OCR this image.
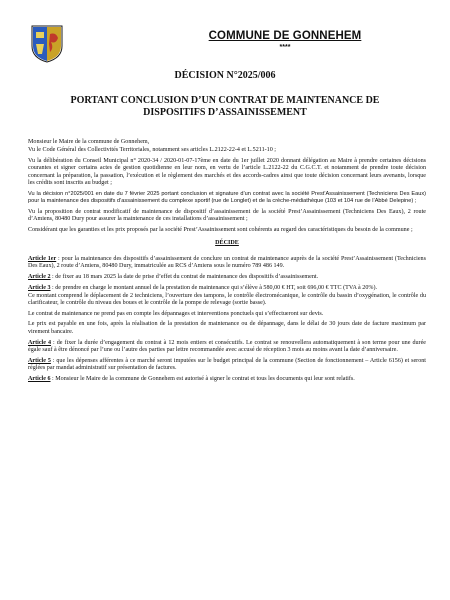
COMMUNE DE GONNEHEM
****
DÉCISION N°2025/006
PORTANT CONCLUSION D’UN CONTRAT DE MAINTENANCE DE
DISPOSITIFS D’ASSAINISSEMENT

Monsieur le Maire de la commune de Gonnehem,

Vu le Code Général des Collectivités Territoriales, notamment ses articles L.2122-22-4 et L.5211-10 ;

Vu la délibération du Conseil Municipal n° 2020-34 / 2020-01-07-17ème en date du 1er juillet 2020 donnant délégation au Maire à prendre certaines décisions courantes et signer certains actes de gestion quotidienne en leur nom, en vertu de l’article L.2122-22 du C.G.C.T. et notamment de prendre toute décision concernant la préparation, la passation, l’exécution et le règlement des marchés et des accords-cadres ainsi que toute décision concernant leurs avenants, lorsque les crédits sont inscrits au budget ;

Vu la décision n°2025/001 en date du 7 février 2025 portant conclusion et signature d’un contrat avec la société Prest’Assainissement (Techniciens Des Eaux) pour la maintenance des dispositifs d’assainissement du complexe sportif (rue de Longlet) et de la crèche-médiathèque (103 et 104 rue de l’Abbé Delepine) ;

Vu la proposition de contrat modificatif de maintenance de dispositif d’assainissement de la société Prest’Assainissement (Techniciens Des Eaux), 2 route d’Amiens, 80480 Dury pour assurer la maintenance de ces installations d’assainissement ;

Considérant que les garanties et les prix proposés par la société Prest’Assainissement sont cohérents au regard des caractéristiques du besoin de la commune ;

DÉCIDE

Article 1er : pour la maintenance des dispositifs d’assainissement de conclure un contrat de maintenance auprès de la société Prest’Assainissement (Techniciens Des Eaux), 2 route d’Amiens, 80480 Dury, immatriculée au RCS d’Amiens sous le numéro 789 486 149.

Article 2 : de fixer au 18 mars 2025 la date de prise d’effet du contrat de maintenance des dispositifs d’assainissement.

Article 3 : de prendre en charge le montant annuel de la prestation de maintenance qui s’élève à 580,00 € HT, soit 696,00 € TTC (TVA à 20%).

Ce montant comprend le déplacement de 2 techniciens, l’ouverture des tampons, le contrôle électromécanique, le contrôle du bassin d’oxygénation, le contrôle du clarificateur, le contrôle du niveau des boues et le contrôle de la pompe de relevage (sortie basse).

Le contrat de maintenance ne prend pas en compte les dépannages et interventions ponctuels qui s’effectueront sur devis.

Le prix est payable en une fois, après la réalisation de la prestation de maintenance ou de dépannage, dans le délai de 30 jours date de facture maximum par virement bancaire.

Article 4 : de fixer la durée d’engagement du contrat à 12 mois entiers et consécutifs. Le contrat se renouvellera automatiquement à son terme pour une durée égale sauf à être dénoncé par l’une ou l’autre des parties par lettre recommandée avec accusé de réception 3 mois au moins avant la date d’anniversaire.

Article 5 : que les dépenses afférentes à ce marché seront imputées sur le budget principal de la commune (Section de fonctionnement – Article 6156) et seront réglées par mandat administratif sur présentation de factures.

Article 6 : Monsieur le Maire de la commune de Gonnehem est autorisé à signer le contrat et tous les documents qui leur sont relatifs.
